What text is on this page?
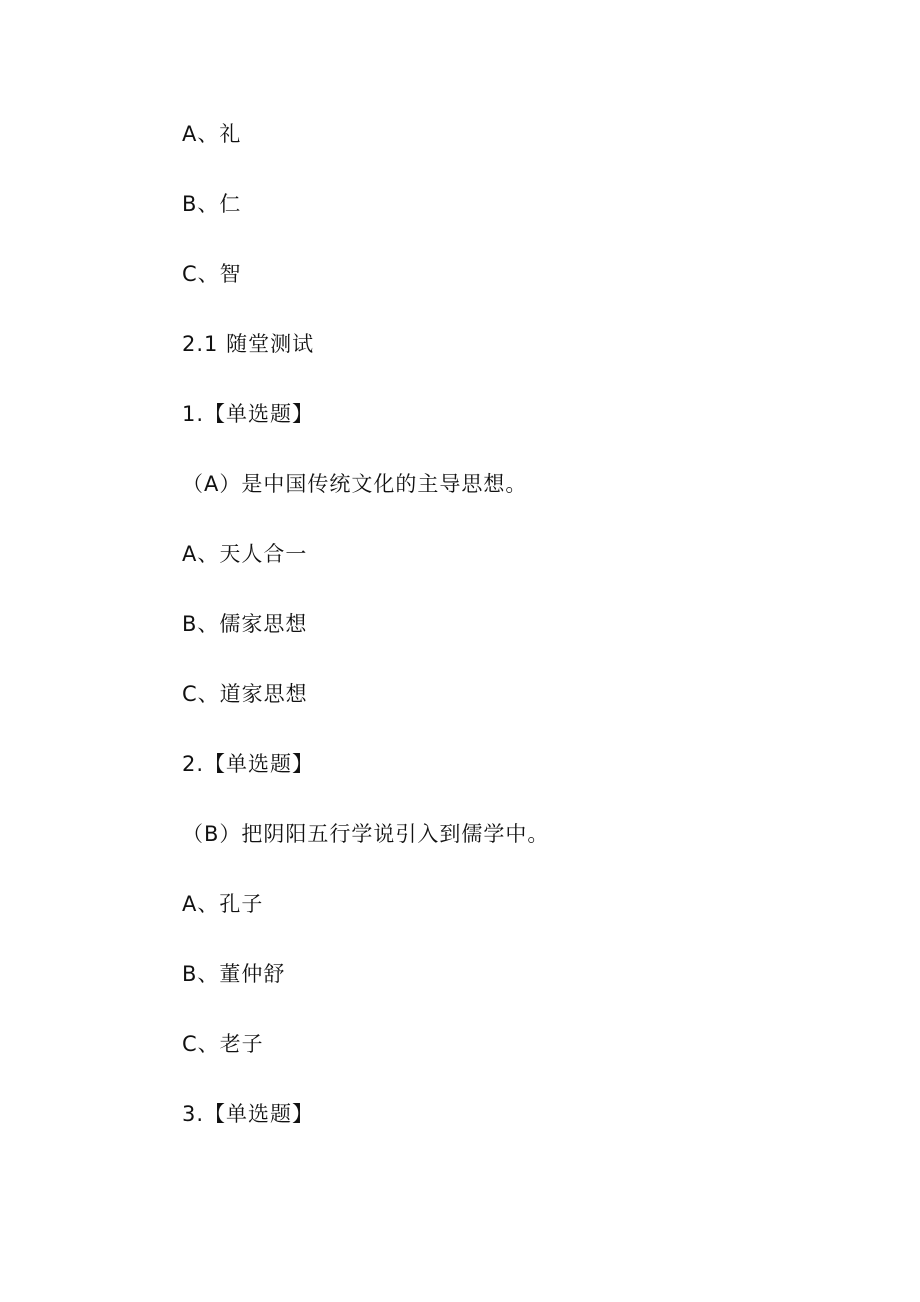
A、礼
B、仁
C、智
2.1 随堂测试
1.【单选题】
（A）是中国传统文化的主导思想。
A、天人合一
B、儒家思想
C、道家思想
2.【单选题】
（B）把阴阳五行学说引入到儒学中。
A、孔子
B、董仲舒
C、老子
3.【单选题】
